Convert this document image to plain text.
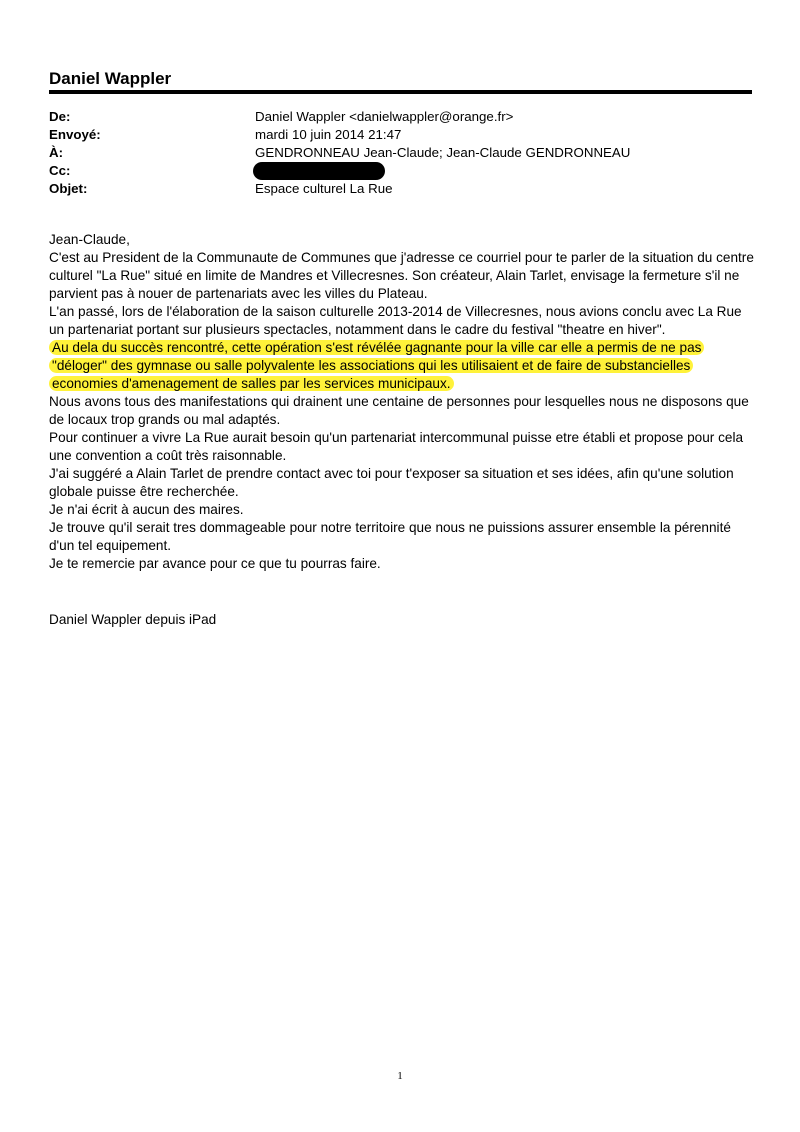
Daniel Wappler
De:	Daniel Wappler <danielwappler@orange.fr>
Envoyé:	mardi 10 juin 2014 21:47
À:	GENDRONNEAU Jean-Claude; Jean-Claude GENDRONNEAU
Cc:
Objet:	Espace culturel La Rue

Jean-Claude,

C'est au President de la Communaute de Communes que j'adresse ce courriel pour te parler de la situation du centre culturel "La Rue" situé en limite de Mandres et Villecresnes. Son créateur, Alain Tarlet, envisage la fermeture s'il ne parvient pas à nouer de partenariats avec les villes du Plateau.

L'an passé, lors de l'élaboration de la saison culturelle 2013-2014 de Villecresnes, nous avions conclu avec La Rue un partenariat portant sur plusieurs spectacles, notamment dans le cadre du festival "theatre en hiver".

Au dela du succès rencontré, cette opération s'est révélée gagnante pour la ville car elle a permis de ne pas "déloger" des gymnase ou salle polyvalente les associations qui les utilisaient et de faire de substancielles economies d'amenagement de salles par les services municipaux.

Nous avons tous des manifestations qui drainent une centaine de personnes pour lesquelles nous ne disposons que de locaux trop grands ou mal adaptés.

Pour continuer a vivre La Rue aurait besoin qu'un partenariat intercommunal puisse etre établi et propose pour cela une convention a coût très raisonnable.

J'ai suggéré a Alain Tarlet de prendre contact avec toi pour t'exposer sa situation et ses idées, afin qu'une solution globale puisse être recherchée.

Je n'ai écrit à aucun des maires.

Je trouve qu'il serait tres dommageable pour notre territoire que nous ne puissions assurer ensemble la pérennité d'un tel equipement.

Je te remercie par avance pour ce que tu pourras faire.

Daniel Wappler depuis iPad
1
